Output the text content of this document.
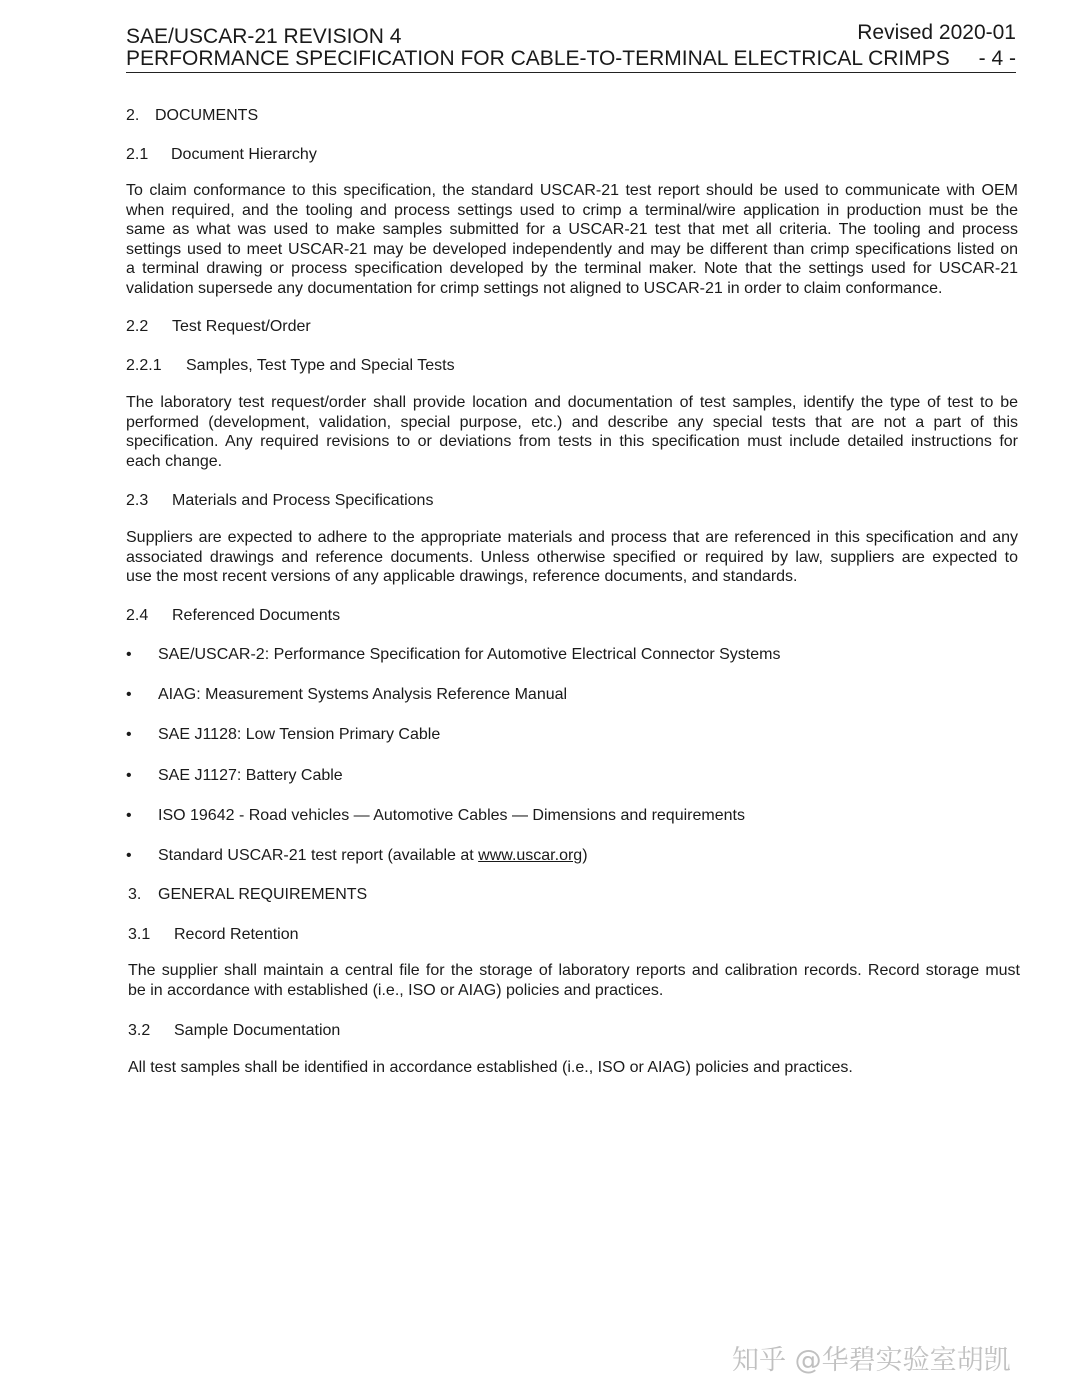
SAE/USCAR-21 REVISION 4	Revised 2020-01
PERFORMANCE SPECIFICATION FOR CABLE-TO-TERMINAL ELECTRICAL CRIMPS - 4 -
2. DOCUMENTS
2.1 Document Hierarchy
To claim conformance to this specification, the standard USCAR-21 test report should be used to communicate with OEM
when required, and the tooling and process settings used to crimp a terminal/wire application in production must be the
same as what was used to make samples submitted for a USCAR-21 test that met all criteria. The tooling and process
settings used to meet USCAR-21 may be developed independently and may be different than crimp specifications listed on
a terminal drawing or process specification developed by the terminal maker. Note that the settings used for USCAR-21
validation supersede any documentation for crimp settings not aligned to USCAR-21 in order to claim conformance.
2.2 Test Request/Order
2.2.1 Samples, Test Type and Special Tests
The laboratory test request/order shall provide location and documentation of test samples, identify the type of test to be
performed (development, validation, special purpose, etc.) and describe any special tests that are not a part of this
specification. Any required revisions to or deviations from tests in this specification must include detailed instructions for
each change.
2.3 Materials and Process Specifications
Suppliers are expected to adhere to the appropriate materials and process that are referenced in this specification and any
associated drawings and reference documents. Unless otherwise specified or required by law, suppliers are expected to
use the most recent versions of any applicable drawings, reference documents, and standards.
2.4 Referenced Documents
• SAE/USCAR-2: Performance Specification for Automotive Electrical Connector Systems
• AIAG: Measurement Systems Analysis Reference Manual
• SAE J1128: Low Tension Primary Cable
• SAE J1127: Battery Cable
• ISO 19642 - Road vehicles — Automotive Cables — Dimensions and requirements
• Standard USCAR-21 test report (available at www.uscar.org)
3. GENERAL REQUIREMENTS
3.1 Record Retention
The supplier shall maintain a central file for the storage of laboratory reports and calibration records. Record storage must
be in accordance with established (i.e., ISO or AIAG) policies and practices.
3.2 Sample Documentation
All test samples shall be identified in accordance established (i.e., ISO or AIAG) policies and practices.
知乎 @华碧实验室胡凯
